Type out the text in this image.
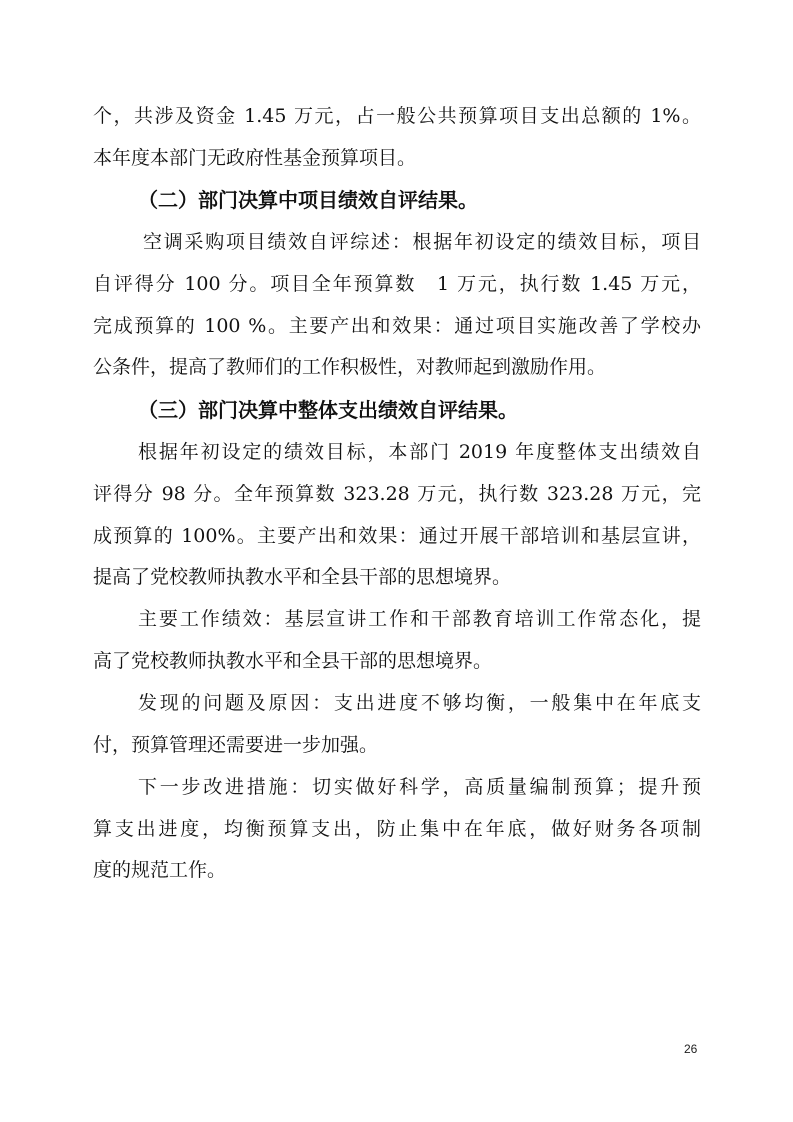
个，共涉及资金 1.45 万元，占一般公共预算项目支出总额的 1%。
本年度本部门无政府性基金预算项目。
（二）部门决算中项目绩效自评结果。
空调采购项目绩效自评综述：根据年初设定的绩效目标，项目
自评得分 100 分。项目全年预算数　1 万元，执行数 1.45 万元，
完成预算的 100 %。主要产出和效果：通过项目实施改善了学校办
公条件，提高了教师们的工作积极性，对教师起到激励作用。
（三）部门决算中整体支出绩效自评结果。
根据年初设定的绩效目标，本部门 2019 年度整体支出绩效自
评得分 98 分。全年预算数 323.28 万元，执行数 323.28 万元，完
成预算的 100%。主要产出和效果：通过开展干部培训和基层宣讲，
提高了党校教师执教水平和全县干部的思想境界。
主要工作绩效：基层宣讲工作和干部教育培训工作常态化，提
高了党校教师执教水平和全县干部的思想境界。
发现的问题及原因：支出进度不够均衡，一般集中在年底支
付，预算管理还需要进一步加强。
下一步改进措施：切实做好科学，高质量编制预算；提升预
算支出进度，均衡预算支出，防止集中在年底，做好财务各项制
度的规范工作。
26
